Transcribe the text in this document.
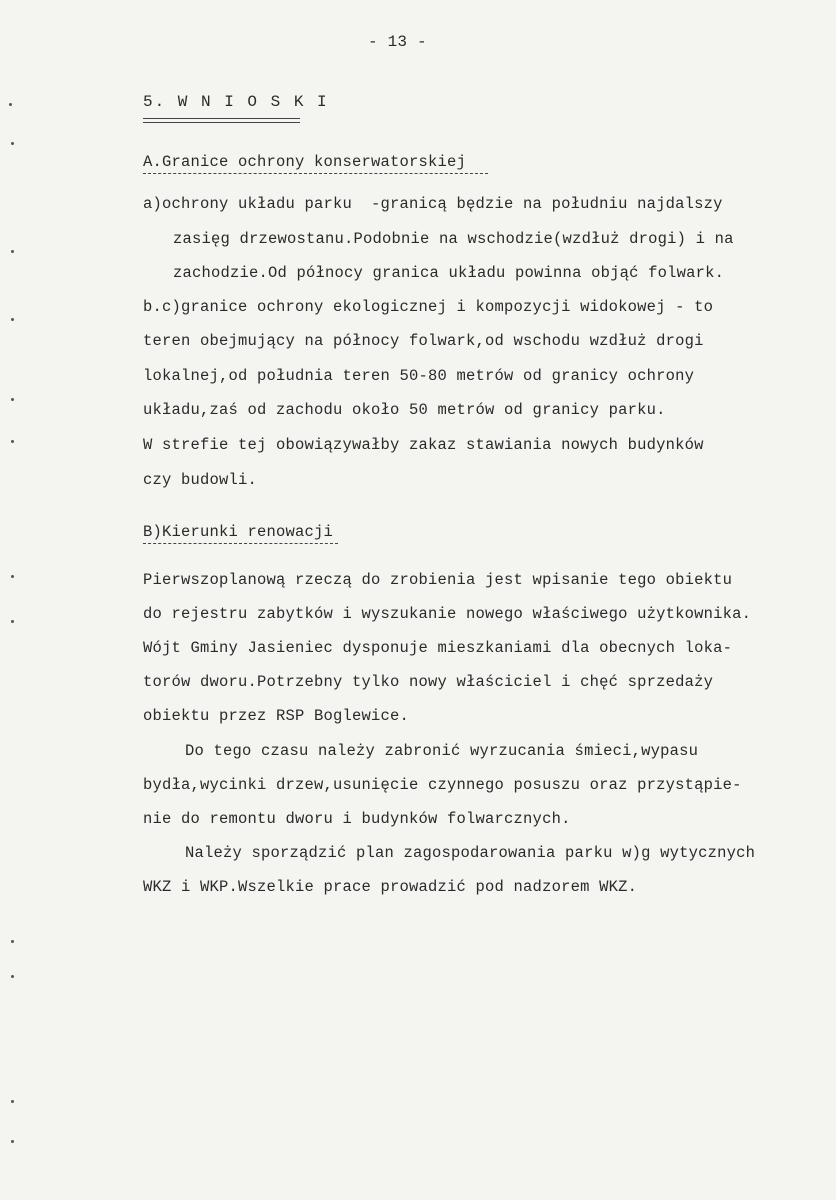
- 13 -
5. W N I O S K I
A.Granice ochrony konserwatorskiej
a)ochrony układu parku  -granicą będzie na południu najdalszy
zasięg drzewostanu.Podobnie na wschodzie(wzdłuż drogi) i na
zachodzie.Od północy granica układu powinna objąć folwark.
b.c)granice ochrony ekologicznej i kompozycji widokowej - to
teren obejmujący na północy folwark,od wschodu wzdłuż drogi
lokalnej,od południa teren 50-80 metrów od granicy ochrony
układu,zaś od zachodu około 50 metrów od granicy parku.
W strefie tej obowiązywałby zakaz stawiania nowych budynków
czy budowli.
B)Kierunki renowacji
Pierwszoplanową rzeczą do zrobienia jest wpisanie tego obiektu
do rejestru zabytków i wyszukanie nowego właściwego użytkownika.
Wójt Gminy Jasieniec dysponuje mieszkaniami dla obecnych loka-
torów dworu.Potrzebny tylko nowy właściciel i chęć sprzedaży
obiektu przez RSP Boglewice.
Do tego czasu należy zabronić wyrzucania śmieci,wypasu
bydła,wycinki drzew,usunięcie czynnego posuszu oraz przystąpie-
nie do remontu dworu i budynków folwarcznych.
Należy sporządzić plan zagospodarowania parku w)g wytycznych
WKZ i WKP.Wszelkie prace prowadzić pod nadzorem WKZ.
